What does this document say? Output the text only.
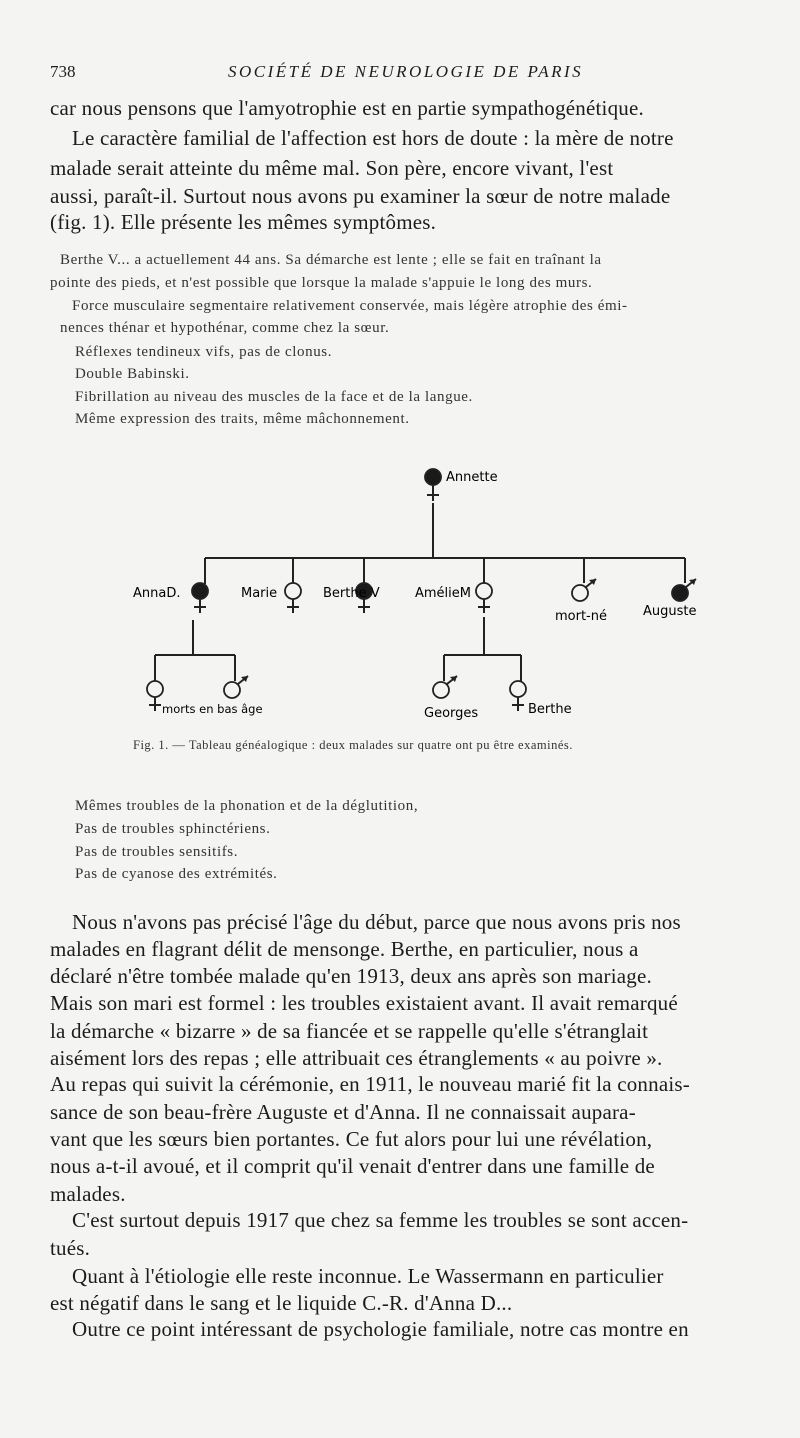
738	SOCIÉTÉ DE NEUROLOGIE DE PARIS
car nous pensons que l'amyotrophie est en partie sympathogénétique.
Le caractère familial de l'affection est hors de doute : la mère de notre
malade serait atteinte du même mal. Son père, encore vivant, l'est
aussi, paraît-il. Surtout nous avons pu examiner la sœur de notre malade
(fig. 1). Elle présente les mêmes symptômes.
Berthe V... a actuellement 44 ans. Sa démarche est lente ; elle se fait en traînant la
pointe des pieds, et n'est possible que lorsque la malade s'appuie le long des murs.
Force musculaire segmentaire relativement conservée, mais légère atrophie des émi-
nences thénar et hypothénar, comme chez la sœur.
Réflexes tendineux vifs, pas de clonus.
Double Babinski.
Fibrillation au niveau des muscles de la face et de la langue.
Même expression des traits, même mâchonnement.
Annette
AnnaD.	Marie	Berthe V	AmélieM
mort-né	Auguste
morts en bas âge	Georges	Berthe
Fig. 1. — Tableau généalogique : deux malades sur quatre ont pu être examinés.
Mêmes troubles de la phonation et de la déglutition,
Pas de troubles sphinctériens.
Pas de troubles sensitifs.
Pas de cyanose des extrémités.
Nous n'avons pas précisé l'âge du début, parce que nous avons pris nos
malades en flagrant délit de mensonge. Berthe, en particulier, nous a
déclaré n'être tombée malade qu'en 1913, deux ans après son mariage.
Mais son mari est formel : les troubles existaient avant. Il avait remarqué
la démarche « bizarre » de sa fiancée et se rappelle qu'elle s'étranglait
aisément lors des repas ; elle attribuait ces étranglements « au poivre ».
Au repas qui suivit la cérémonie, en 1911, le nouveau marié fit la connais-
sance de son beau-frère Auguste et d'Anna. Il ne connaissait aupara-
vant que les sœurs bien portantes. Ce fut alors pour lui une révélation,
nous a-t-il avoué, et il comprit qu'il venait d'entrer dans une famille de
malades.
C'est surtout depuis 1917 que chez sa femme les troubles se sont accen-
tués.
Quant à l'étiologie elle reste inconnue. Le Wassermann en particulier
est négatif dans le sang et le liquide C.-R. d'Anna D...
Outre ce point intéressant de psychologie familiale, notre cas montre en
